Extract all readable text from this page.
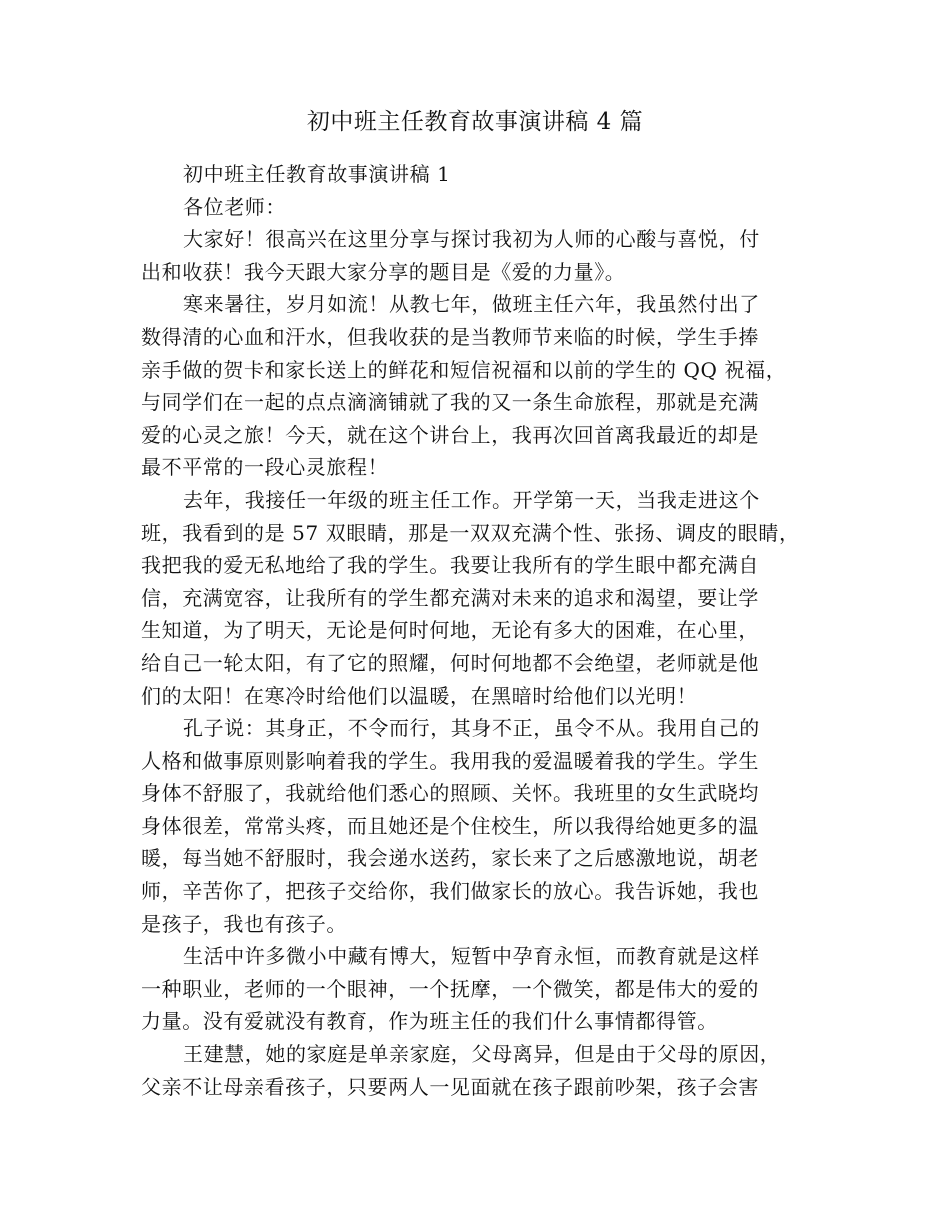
初中班主任教育故事演讲稿 4 篇
初中班主任教育故事演讲稿 1
各位老师：
大家好！很高兴在这里分享与探讨我初为人师的心酸与喜悦，付
出和收获！我今天跟大家分享的题目是《爱的力量》。
寒来暑往，岁月如流！从教七年，做班主任六年，我虽然付出了
数得清的心血和汗水，但我收获的是当教师节来临的时候，学生手捧
亲手做的贺卡和家长送上的鲜花和短信祝福和以前的学生的 QQ 祝福，
与同学们在一起的点点滴滴铺就了我的又一条生命旅程，那就是充满
爱的心灵之旅！今天，就在这个讲台上，我再次回首离我最近的却是
最不平常的一段心灵旅程！
去年，我接任一年级的班主任工作。开学第一天，当我走进这个
班，我看到的是 57 双眼睛，那是一双双充满个性、张扬、调皮的眼睛，
我把我的爱无私地给了我的学生。我要让我所有的学生眼中都充满自
信，充满宽容，让我所有的学生都充满对未来的追求和渴望，要让学
生知道，为了明天，无论是何时何地，无论有多大的困难，在心里，
给自己一轮太阳，有了它的照耀，何时何地都不会绝望，老师就是他
们的太阳！在寒冷时给他们以温暖，在黑暗时给他们以光明！
孔子说：其身正，不令而行，其身不正，虽令不从。我用自己的
人格和做事原则影响着我的学生。我用我的爱温暖着我的学生。学生
身体不舒服了，我就给他们悉心的照顾、关怀。我班里的女生武晓均
身体很差，常常头疼，而且她还是个住校生，所以我得给她更多的温
暖，每当她不舒服时，我会递水送药，家长来了之后感激地说，胡老
师，辛苦你了，把孩子交给你，我们做家长的放心。我告诉她，我也
是孩子，我也有孩子。
生活中许多微小中藏有博大，短暂中孕育永恒，而教育就是这样
一种职业，老师的一个眼神，一个抚摩，一个微笑，都是伟大的爱的
力量。没有爱就没有教育，作为班主任的我们什么事情都得管。
王建慧，她的家庭是单亲家庭，父母离异，但是由于父母的原因，
父亲不让母亲看孩子，只要两人一见面就在孩子跟前吵架，孩子会害
